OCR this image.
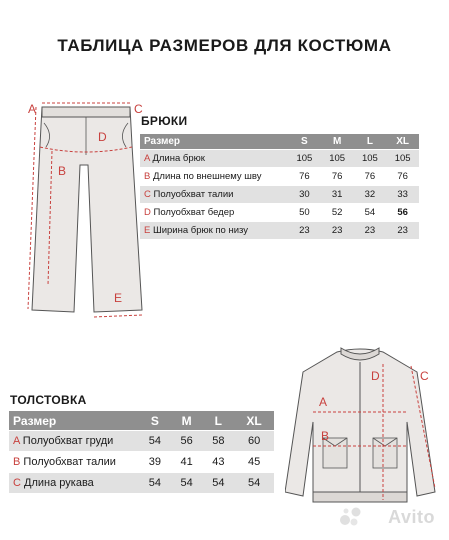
ТАБЛИЦА РАЗМЕРОВ ДЛЯ КОСТЮМА
A	C
D
B
E
БРЮКИ
Размер	S	M	L	XL
A Длина брюк	105	105	105	105
B Длина по внешнему шву	76	76	76	76
C Полуобхват талии	30	31	32	33
D Полуобхват бедер	50	52	54	56
E Ширина брюк по низу	23	23	23	23
ТОЛСТОВКА
Размер	S	M	L	XL
A Полуобхват груди	54	56	58	60
B Полуобхват талии	39	41	43	45
C Длина рукава	54	54	54	54
D	C
A
B
Avito
